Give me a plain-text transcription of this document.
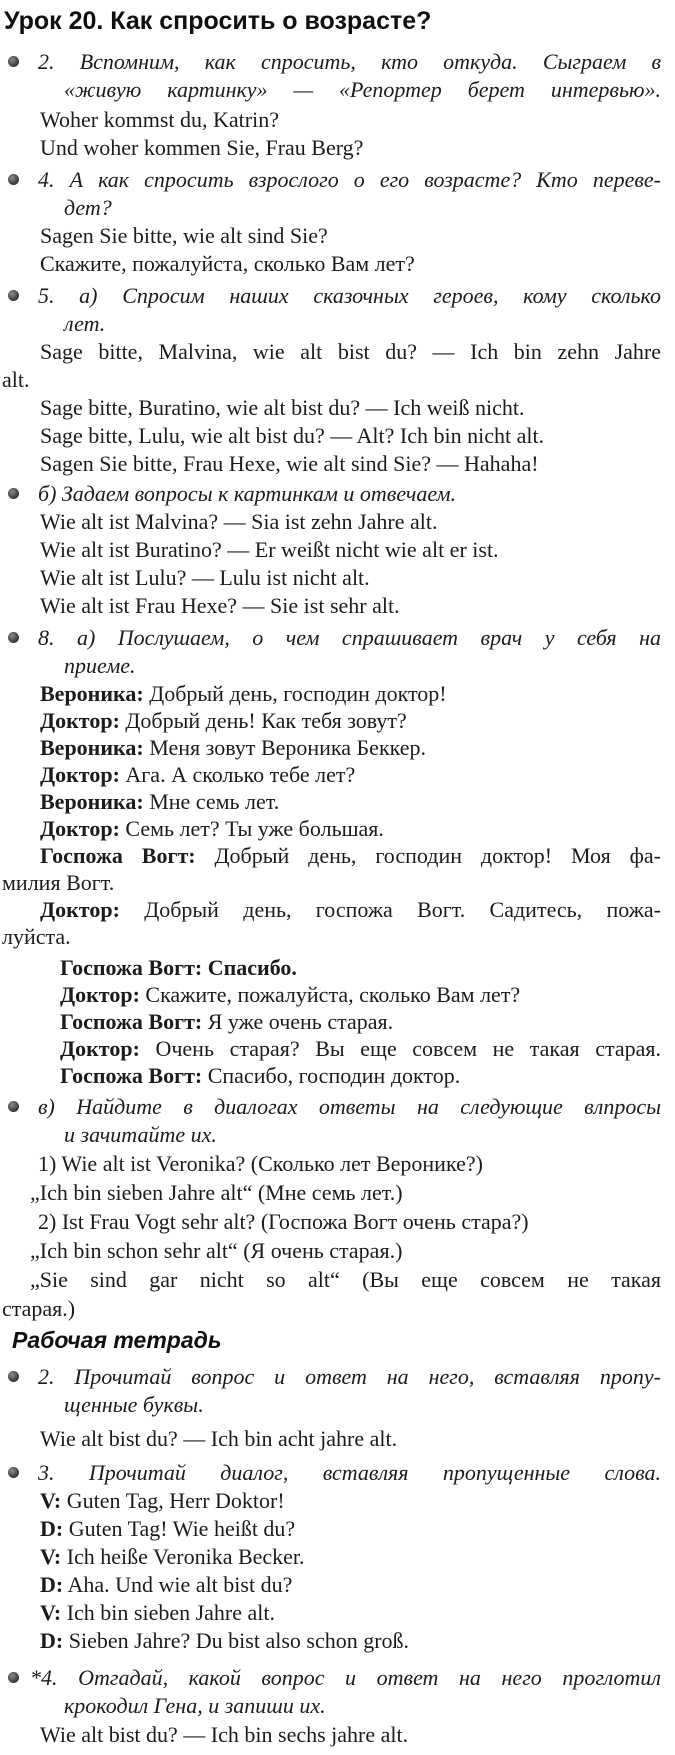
Урок 20. Как спросить о возрасте?
2. Вспомним, как спросить, кто откуда. Сыграем в
«живую картинку» — «Репортер берет интервью».
Woher kommst du, Katrin?
Und woher kommen Sie, Frau Berg?
4. А как спросить взрослого о его возрасте? Кто переве-
дет?
Sagen Sie bitte, wie alt sind Sie?
Скажите, пожалуйста, сколько Вам лет?
5. а) Спросим наших сказочных героев, кому сколько
лет.
Sage bitte, Malvina, wie alt bist du? — Ich bin zehn Jahre
alt.
Sage bitte, Buratino, wie alt bist du? — Ich weiß nicht.
Sage bitte, Lulu, wie alt bist du? — Alt? Ich bin nicht alt.
Sagen Sie bitte, Frau Hexe, wie alt sind Sie? — Hahaha!
б) Задаем вопросы к картинкам и отвечаем.
Wie alt ist Malvina? — Sia ist zehn Jahre alt.
Wie alt ist Buratino? — Er weißt nicht wie alt er ist.
Wie alt ist Lulu? — Lulu ist nicht alt.
Wie alt ist Frau Hexe? — Sie ist sehr alt.
8. а) Послушаем, о чем спрашивает врач у себя на
приеме.
Вероника: Добрый день, господин доктор!
Доктор: Добрый день! Как тебя зовут?
Вероника: Меня зовут Вероника Беккер.
Доктор: Ага. А сколько тебе лет?
Вероника: Мне семь лет.
Доктор: Семь лет? Ты уже большая.
Госпожа Вогт: Добрый день, господин доктор! Моя фа-
милия Вогт.
Доктор: Добрый день, госпожа Вогт. Садитесь, пожа-
луйста.
Госпожа Вогт: Спасибо.
Доктор: Скажите, пожалуйста, сколько Вам лет?
Госпожа Вогт: Я уже очень старая.
Доктор: Очень старая? Вы еще совсем не такая старая.
Госпожа Вогт: Спасибо, господин доктор.
в) Найдите в диалогах ответы на следующие влпросы
и зачитайте их.
1) Wie alt ist Veronika? (Сколько лет Веронике?)
„Ich bin sieben Jahre alt“ (Мне семь лет.)
2) Ist Frau Vogt sehr alt? (Госпожа Вогт очень стара?)
„Ich bin schon sehr alt“ (Я очень старая.)
„Sie sind gar nicht so alt“ (Вы еще совсем не такая
старая.)
Рабочая тетрадь
2. Прочитай вопрос и ответ на него, вставляя пропу-
щенные буквы.
Wie alt bist du? — Ich bin acht jahre alt.
3. Прочитай диалог, вставляя пропущенные слова.
V: Guten Tag, Herr Doktor!
D: Guten Tag! Wie heißt du?
V: Ich heiße Veronika Becker.
D: Aha. Und wie alt bist du?
V: Ich bin sieben Jahre alt.
D: Sieben Jahre? Du bist also schon groß.
*4. Отгадай, какой вопрос и ответ на него проглотил
крокодил Гена, и запиши их.
Wie alt bist du? — Ich bin sechs jahre alt.
